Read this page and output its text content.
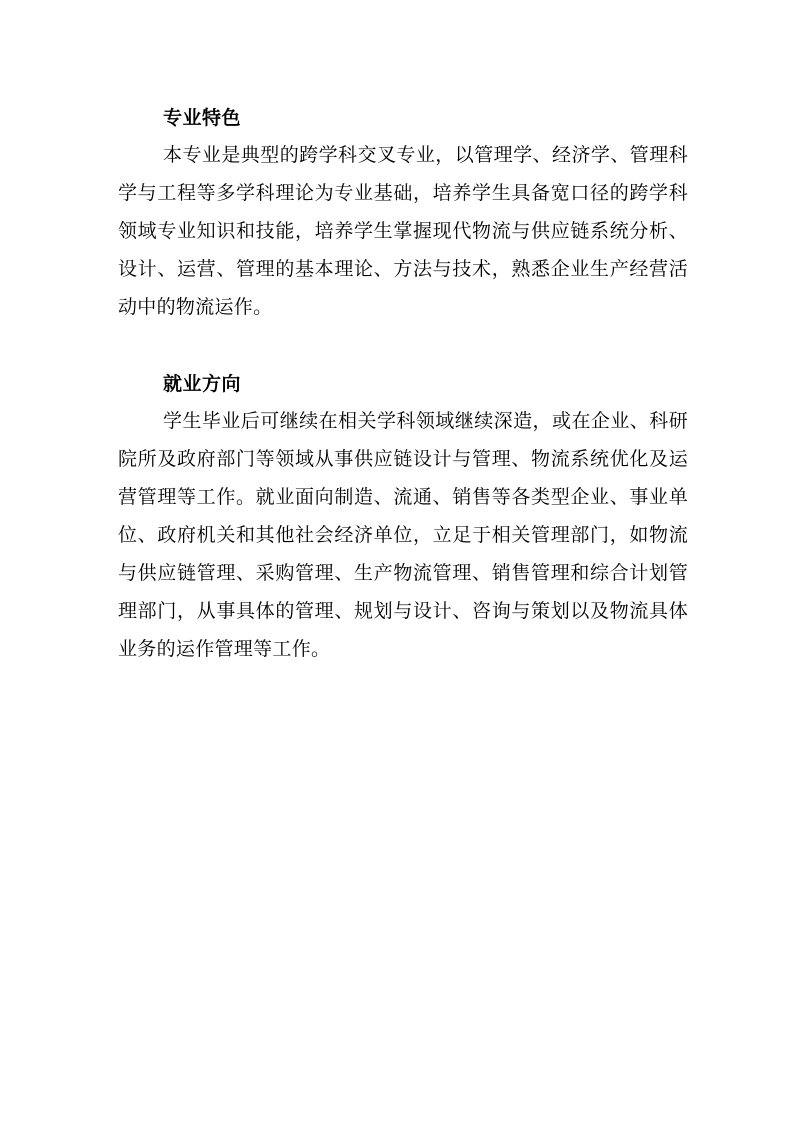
专业特色

本专业是典型的跨学科交叉专业，以管理学、经济学、管理科学与工程等多学科理论为专业基础，培养学生具备宽口径的跨学科领域专业知识和技能，培养学生掌握现代物流与供应链系统分析、设计、运营、管理的基本理论、方法与技术，熟悉企业生产经营活动中的物流运作。

就业方向

学生毕业后可继续在相关学科领域继续深造，或在企业、科研院所及政府部门等领域从事供应链设计与管理、物流系统优化及运营管理等工作。就业面向制造、流通、销售等各类型企业、事业单位、政府机关和其他社会经济单位，立足于相关管理部门，如物流与供应链管理、采购管理、生产物流管理、销售管理和综合计划管理部门，从事具体的管理、规划与设计、咨询与策划以及物流具体业务的运作管理等工作。
